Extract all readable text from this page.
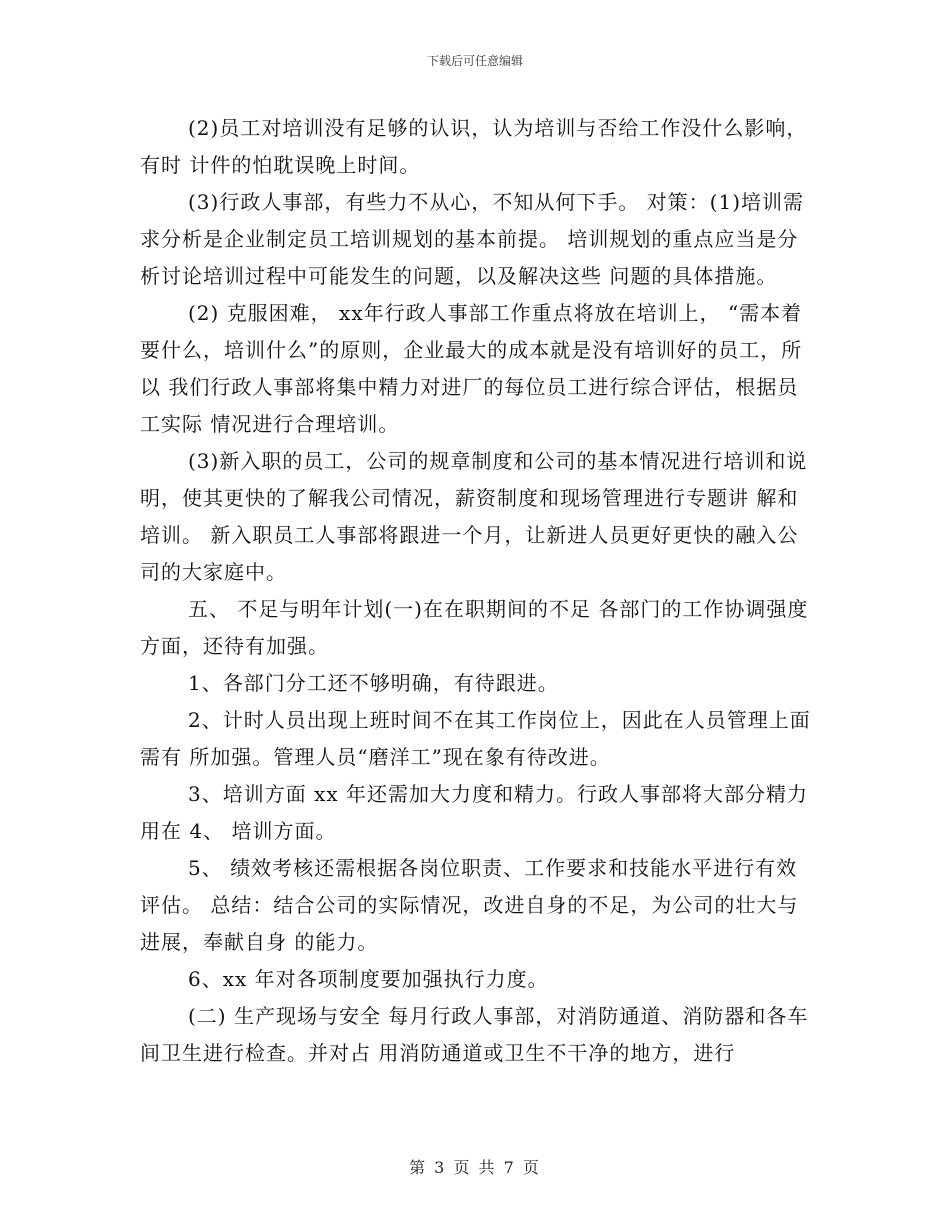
下载后可任意编辑

(2)员工对培训没有足够的认识，认为培训与否给工作没什么影响，有时 计件的怕耽误晚上时间。

(3)行政人事部，有些力不从心，不知从何下手。 对策：(1)培训需求分析是企业制定员工培训规划的基本前提。 培训规划的重点应当是分析讨论培训过程中可能发生的问题，以及解决这些 问题的具体措施。

(2) 克服困难， xx年行政人事部工作重点将放在培训上， “需本着 要什么，培训什么”的原则，企业最大的成本就是没有培训好的员工，所以 我们行政人事部将集中精力对进厂的每位员工进行综合评估，根据员工实际 情况进行合理培训。

(3)新入职的员工，公司的规章制度和公司的基本情况进行培训和说明，使其更快的了解我公司情况，薪资制度和现场管理进行专题讲 解和培训。 新入职员工人事部将跟进一个月，让新进人员更好更快的融入公司的大家庭中。

五、 不足与明年计划(一)在在职期间的不足 各部门的工作协调强度方面，还待有加强。

1、各部门分工还不够明确，有待跟进。

2、计时人员出现上班时间不在其工作岗位上，因此在人员管理上面需有 所加强。管理人员“磨洋工”现在象有待改进。

3、培训方面 xx 年还需加大力度和精力。行政人事部将大部分精力用在 4、 培训方面。

5、 绩效考核还需根据各岗位职责、工作要求和技能水平进行有效评估。 总结：结合公司的实际情况，改进自身的不足，为公司的壮大与进展，奉献自身 的能力。

6、xx 年对各项制度要加强执行力度。

(二) 生产现场与安全 每月行政人事部，对消防通道、消防器和各车间卫生进行检查。并对占 用消防通道或卫生不干净的地方，进行

第 3 页 共 7 页
